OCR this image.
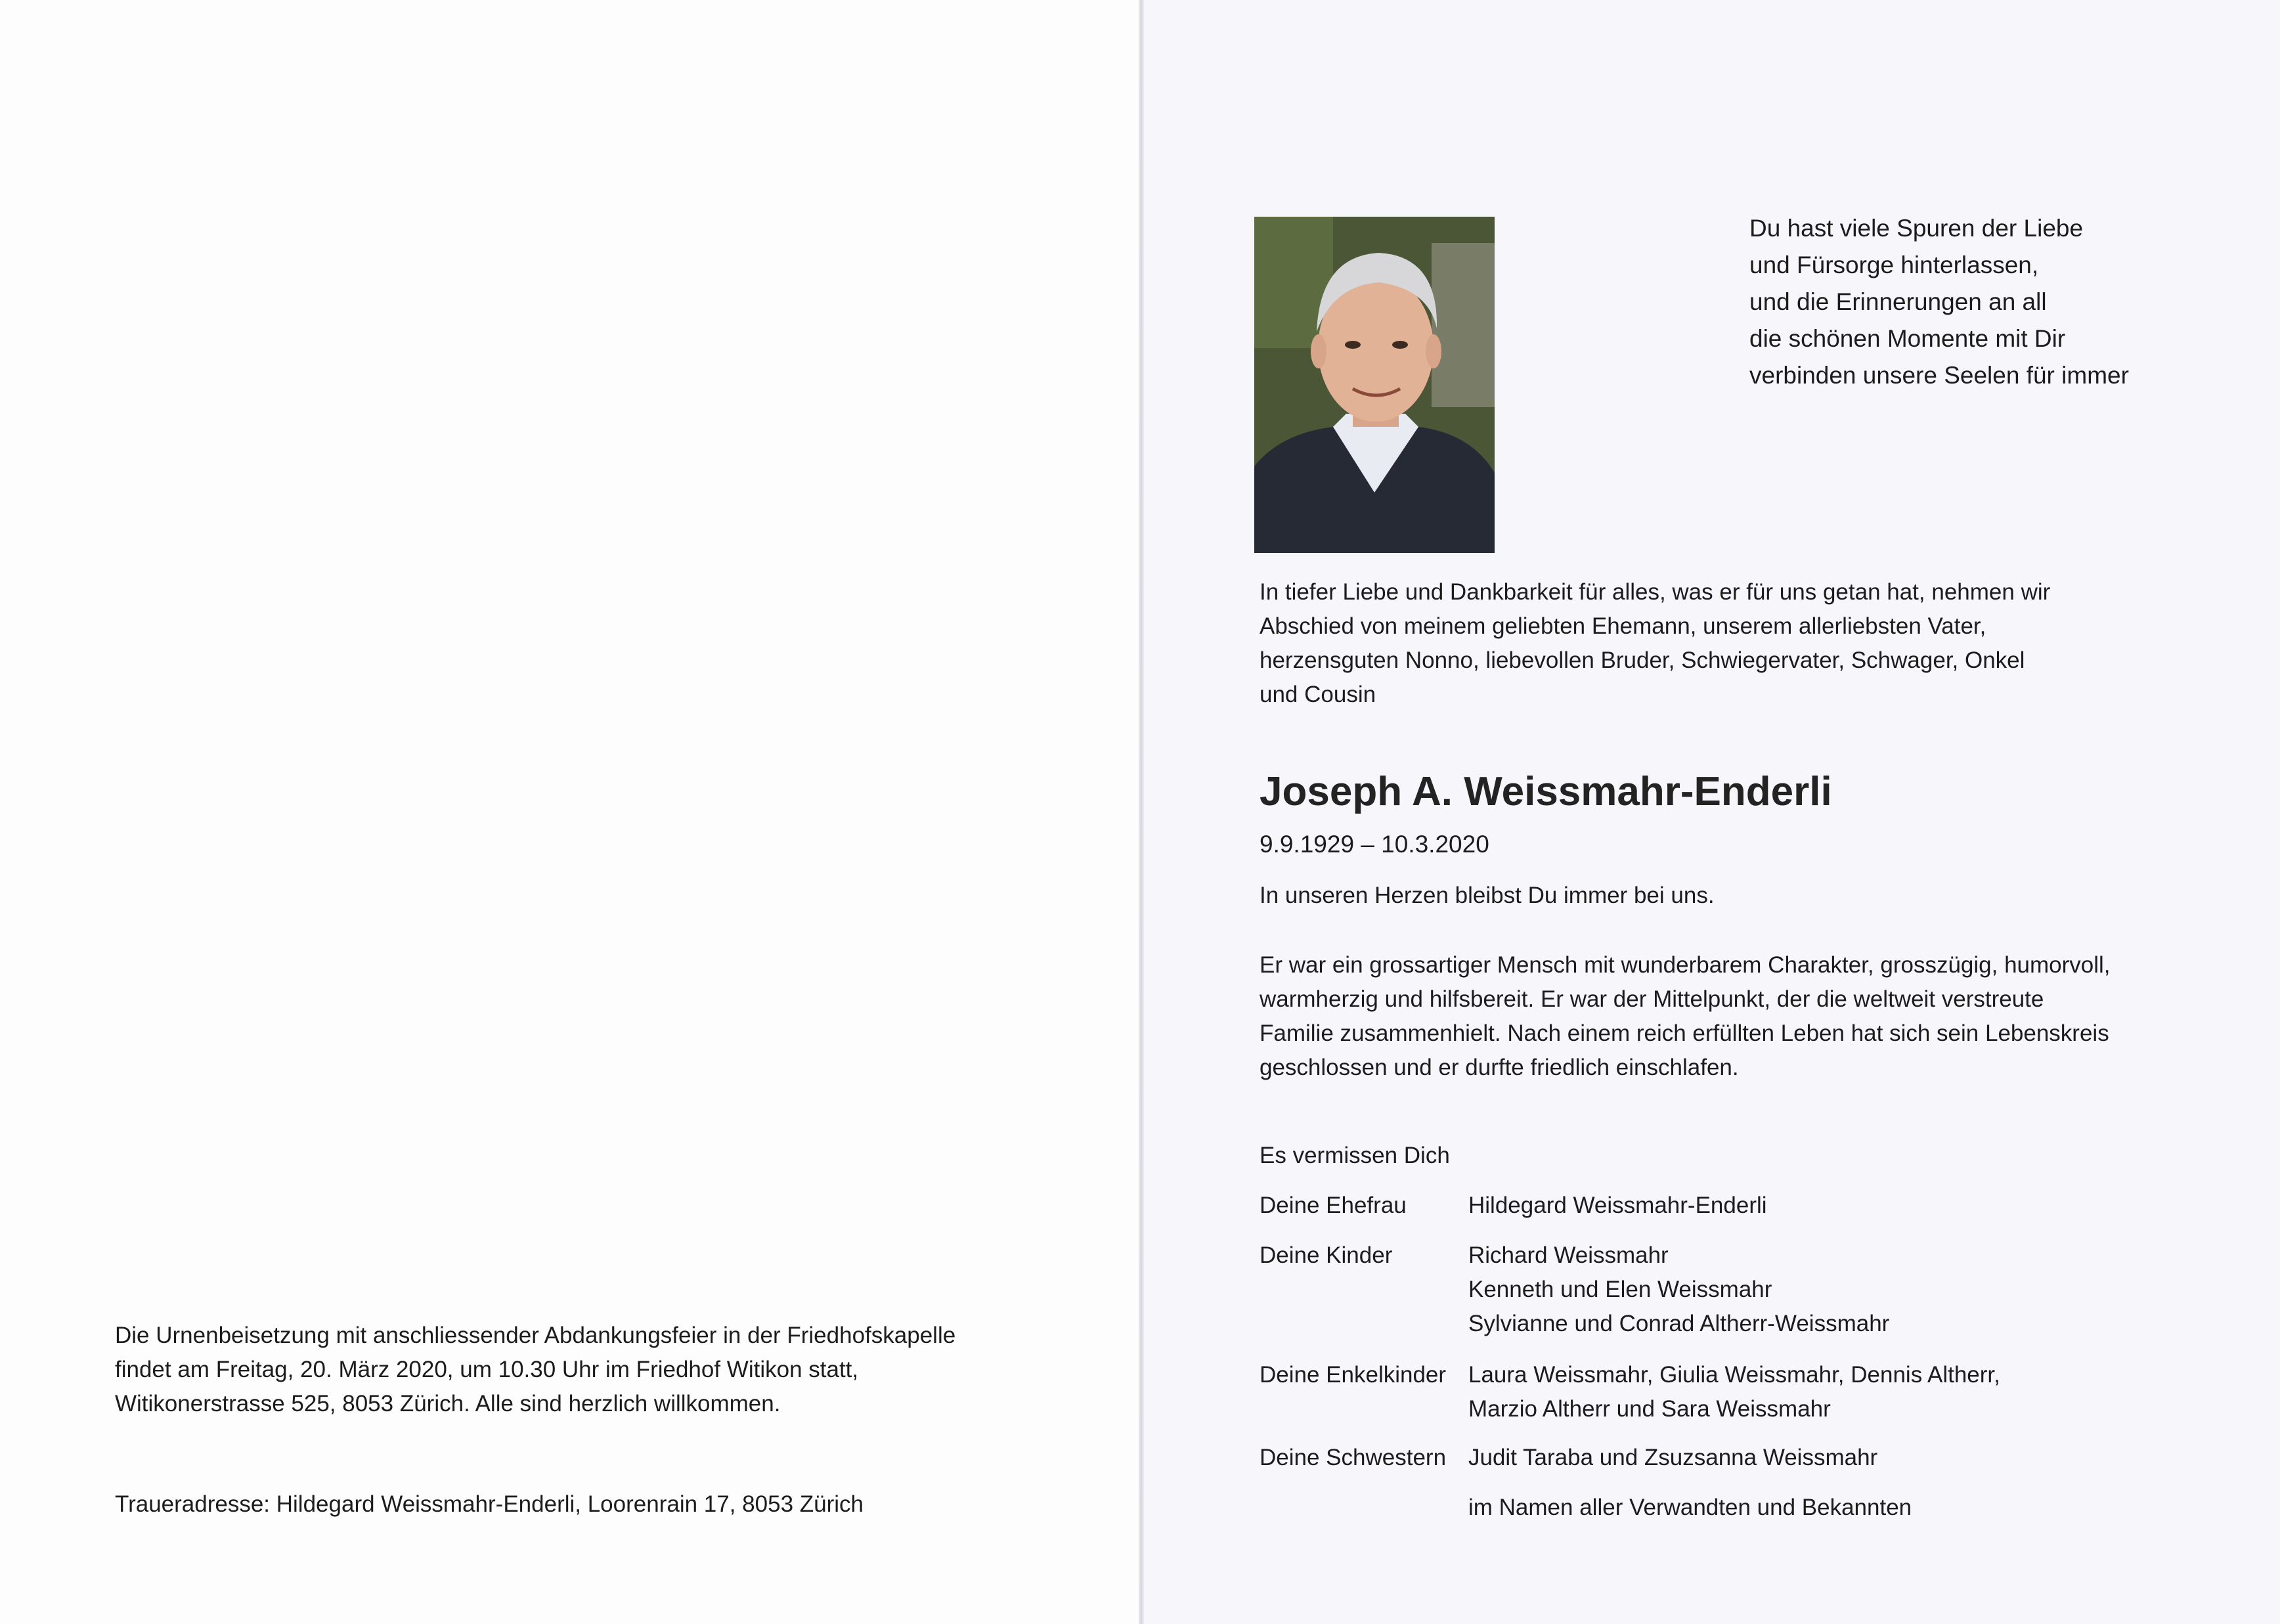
Die Urnenbeisetzung mit anschliessender Abdankungsfeier in der Friedhofskapelle
findet am Freitag, 20. März 2020, um 10.30 Uhr im Friedhof Witikon statt,
Witikonerstrasse 525, 8053 Zürich. Alle sind herzlich willkommen.
Traueradresse: Hildegard Weissmahr-Enderli, Loorenrain 17, 8053 Zürich
Du hast viele Spuren der Liebe
und Fürsorge hinterlassen,
und die Erinnerungen an all
die schönen Momente mit Dir
verbinden unsere Seelen für immer
In tiefer Liebe und Dankbarkeit für alles, was er für uns getan hat, nehmen wir
Abschied von meinem geliebten Ehemann, unserem allerliebsten Vater,
herzensguten Nonno, liebevollen Bruder, Schwiegervater, Schwager, Onkel
und Cousin
Joseph A. Weissmahr-Enderli
9.9.1929 – 10.3.2020
In unseren Herzen bleibst Du immer bei uns.
Er war ein grossartiger Mensch mit wunderbarem Charakter, grosszügig, humorvoll,
warmherzig und hilfsbereit. Er war der Mittelpunkt, der die weltweit verstreute
Familie zusammenhielt. Nach einem reich erfüllten Leben hat sich sein Lebenskreis
geschlossen und er durfte friedlich einschlafen.
Es vermissen Dich
Deine Ehefrau	Hildegard Weissmahr-Enderli
Deine Kinder	Richard Weissmahr
Kenneth und Elen Weissmahr
Sylvianne und Conrad Altherr-Weissmahr
Deine Enkelkinder Laura Weissmahr, Giulia Weissmahr, Dennis Altherr,
Marzio Altherr und Sara Weissmahr
Deine Schwestern Judit Taraba und Zsuzsanna Weissmahr
im Namen aller Verwandten und Bekannten
